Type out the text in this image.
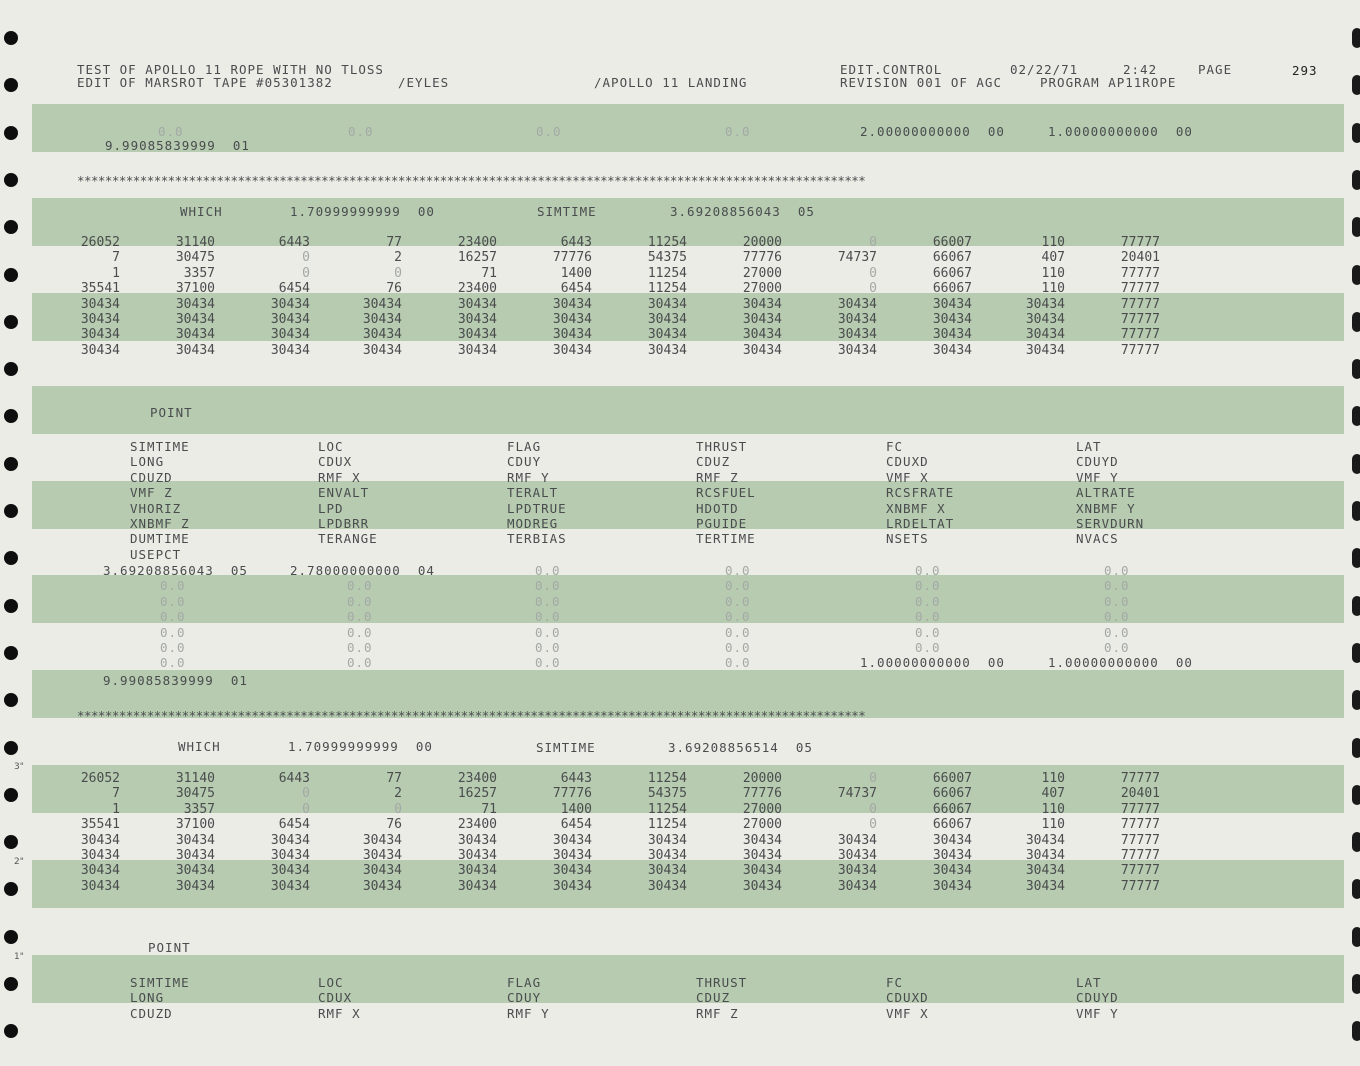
3"
2"
1"
TEST OF APOLLO 11 ROPE WITH NO TLOSS
EDIT OF MARSROT TAPE #05301382	/EYLES	/APOLLO 11 LANDING
EDIT.CONTROL	02/22/71	2:42	PAGE	293
REVISION 001 OF AGC	PROGRAM AP11ROPE
0.0	0.0	0.0	0.0	2.00000000000  00	1.00000000000  00
9.99085839999  01
*****************************************************************************************************************
*****************************************************************************************************************
WHICH	1.70999999999  00	SIMTIME	3.69208856043  05
WHICH	1.70999999999  00	SIMTIME	3.69208856514  05
26052	31140	6443	77	23400	6443	11254	20000	0	66007	110	77777
7	30475	0	2	16257	77776	54375	77776	74737	66067	407	20401
1	3357	0	0	71	1400	11254	27000	0	66067	110	77777
35541	37100	6454	76	23400	6454	11254	27000	0	66067	110	77777
30434	30434	30434	30434	30434	30434	30434	30434	30434	30434	30434	77777
30434	30434	30434	30434	30434	30434	30434	30434	30434	30434	30434	77777
30434	30434	30434	30434	30434	30434	30434	30434	30434	30434	30434	77777
30434	30434	30434	30434	30434	30434	30434	30434	30434	30434	30434	77777
26052	31140	6443	77	23400	6443	11254	20000	0	66007	110	77777
7	30475	0	2	16257	77776	54375	77776	74737	66067	407	20401
1	3357	0	0	71	1400	11254	27000	0	66067	110	77777
35541	37100	6454	76	23400	6454	11254	27000	0	66067	110	77777
30434	30434	30434	30434	30434	30434	30434	30434	30434	30434	30434	77777
30434	30434	30434	30434	30434	30434	30434	30434	30434	30434	30434	77777
30434	30434	30434	30434	30434	30434	30434	30434	30434	30434	30434	77777
30434	30434	30434	30434	30434	30434	30434	30434	30434	30434	30434	77777
POINT
SIMTIME	LOC	FLAG	THRUST	FC	LAT
LONG	CDUX	CDUY	CDUZ	CDUXD	CDUYD
CDUZD	RMF X	RMF Y	RMF Z	VMF X	VMF Y
VMF Z	ENVALT	TERALT	RCSFUEL	RCSFRATE	ALTRATE
VHORIZ	LPD	LPDTRUE	HDOTD	XNBMF X	XNBMF Y
XNBMF Z	LPDBRR	MODREG	PGUIDE	LRDELTAT	SERVDURN
DUMTIME	TERANGE	TERBIAS	TERTIME	NSETS	NVACS
USEPCT
3.69208856043  05	2.78000000000  04	0.0	0.0	0.0	0.0
0.0	0.0	0.0	0.0	0.0	0.0
0.0	0.0	0.0	0.0	0.0	0.0
0.0	0.0	0.0	0.0	0.0	0.0
0.0	0.0	0.0	0.0	0.0	0.0
0.0	0.0	0.0	0.0	0.0	0.0
0.0	0.0	0.0	0.0	1.00000000000  00	1.00000000000  00
9.99085839999  01
POINT
SIMTIME	LOC	FLAG	THRUST	FC	LAT
LONG	CDUX	CDUY	CDUZ	CDUXD	CDUYD
CDUZD	RMF X	RMF Y	RMF Z	VMF X	VMF Y
